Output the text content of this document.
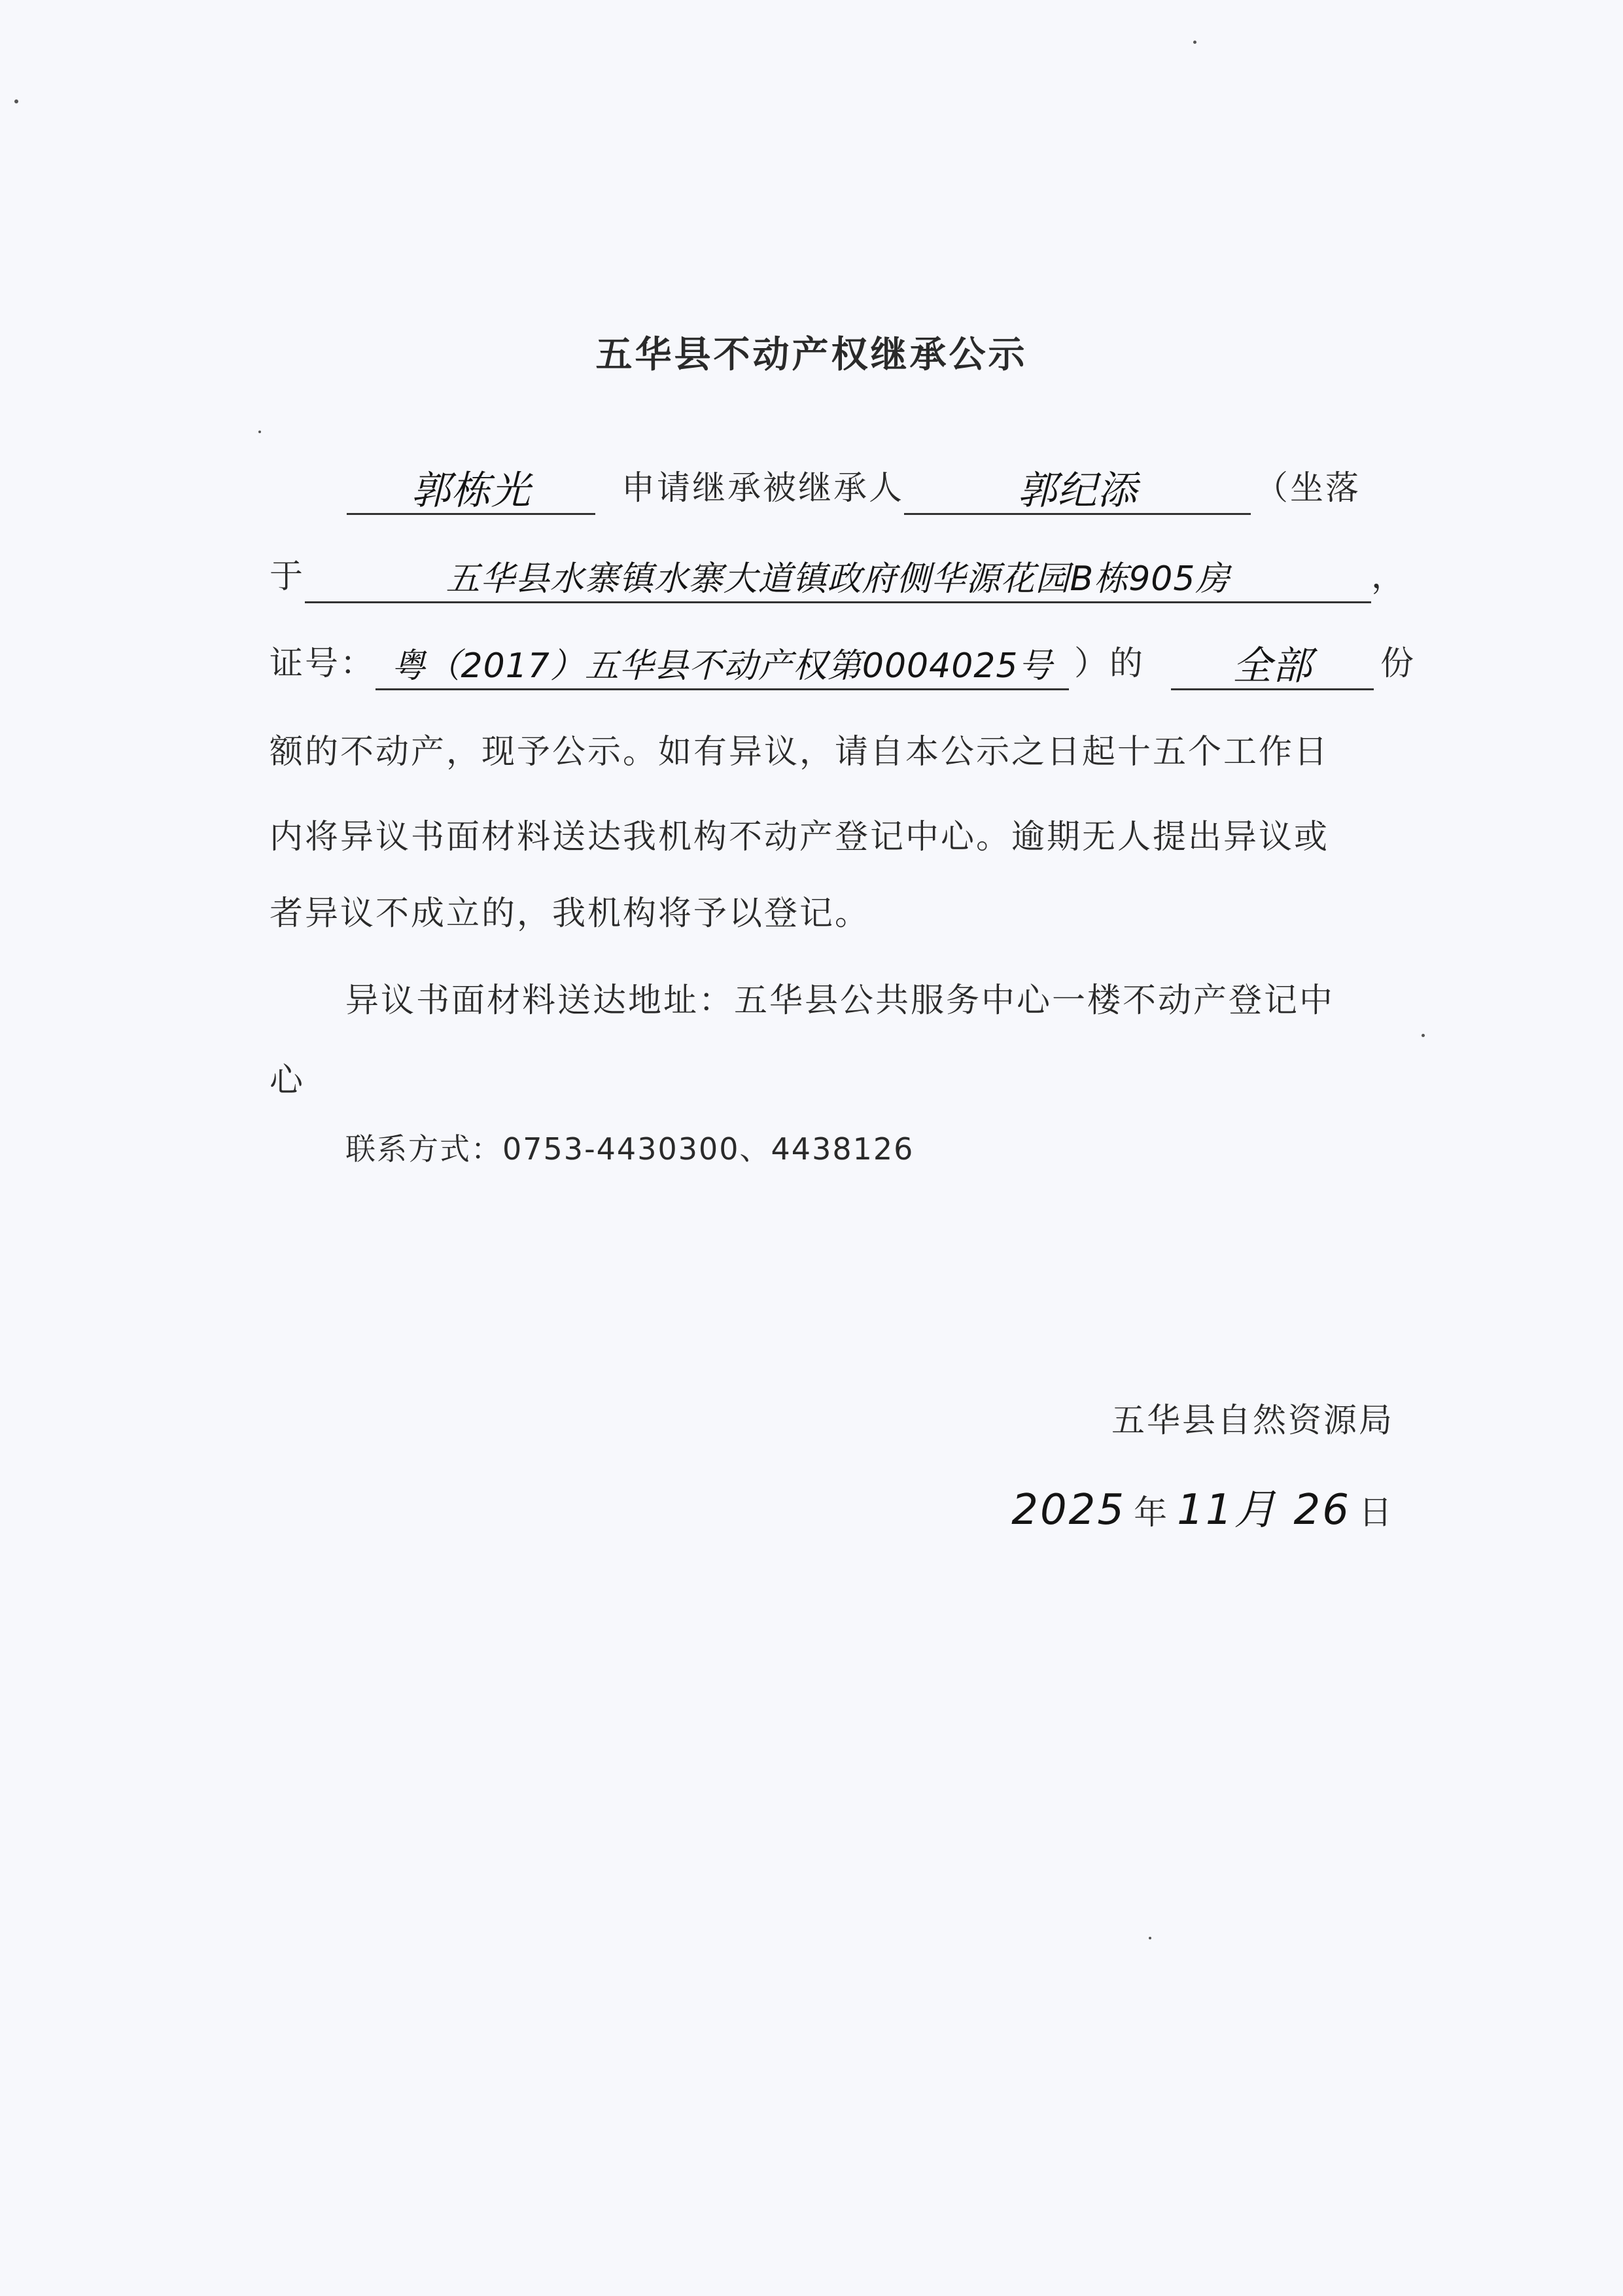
五华县不动产权继承公示
郭栋光	申请继承被继承人	郭纪添	（坐落
于	五华县水寨镇水寨大道镇政府侧华源花园B栋905房	，
证号： 粤（2017）五华县不动产权第0004025号 ）的 全部 份
额的不动产，现予公示。如有异议，请自本公示之日起十五个工作日
内将异议书面材料送达我机构不动产登记中心。逾期无人提出异议或
者异议不成立的，我机构将予以登记。
异议书面材料送达地址：五华县公共服务中心一楼不动产登记中
心
联系方式：0753-4430300、4438126
五华县自然资源局
2025 年 11月 26 日
